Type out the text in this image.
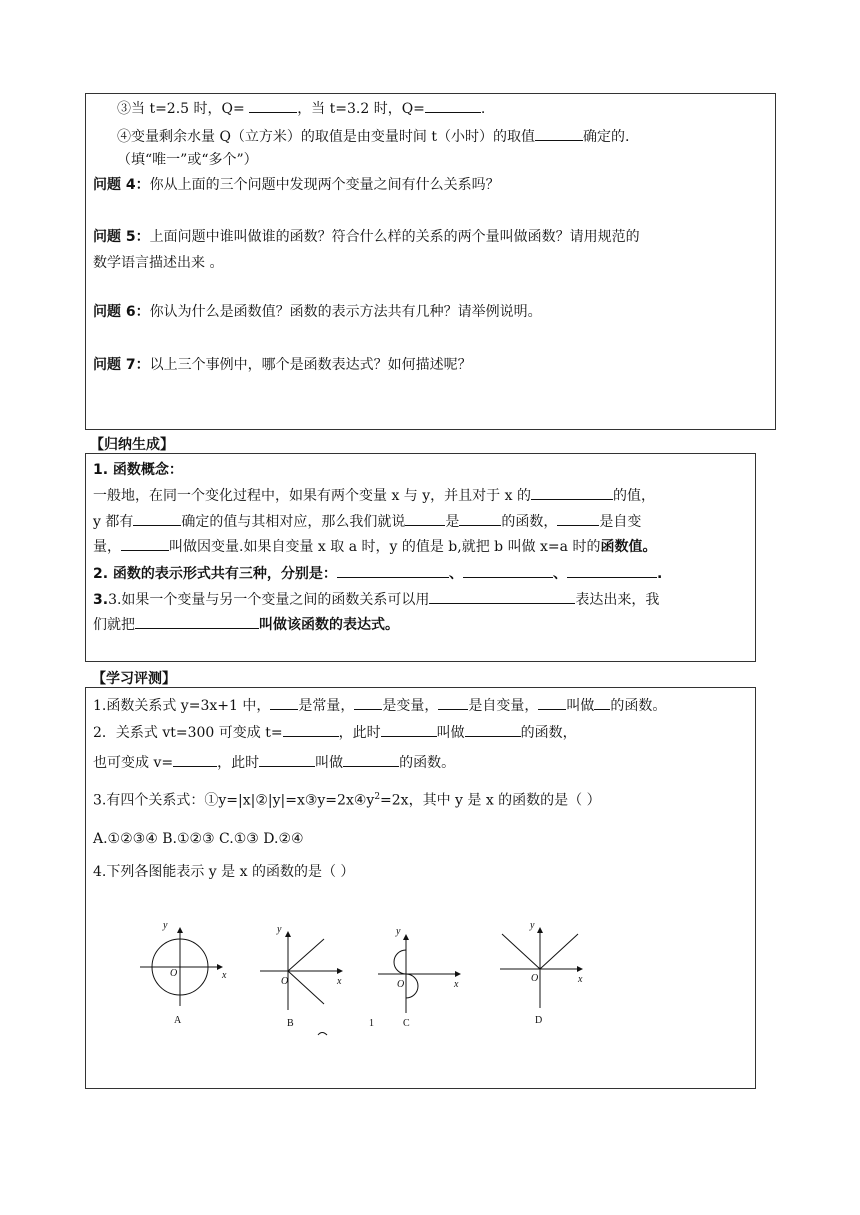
③当 t=2.5 时，Q=	，当 t=3.2 时，Q=	.
④变量剩余水量 Q（立方米）的取值是由变量时间 t（小时）的取值	确定的.
（填“唯一”或“多个”）
问题 4：你从上面的三个问题中发现两个变量之间有什么关系吗？
问题 5：上面问题中谁叫做谁的函数？符合什么样的关系的两个量叫做函数？请用规范的
数学语言描述出来 。
问题 6：你认为什么是函数值？函数的表示方法共有几种？请举例说明。
问题 7：以上三个事例中，哪个是函数表达式？如何描述呢？
【归纳生成】
1. 函数概念：
一般地，在同一个变化过程中，如果有两个变量 x 与 y，并且对于 x 的	的值，
y 都有	确定的值与其相对应，那么我们就说	是	的函数，	是自变
量，	叫做因变量.如果自变量 x 取 a 时，y 的值是 b,就把 b 叫做 x=a 时的函数值。
2. 函数的表示形式共有三种，分别是：	、	、	.
3.3.如果一个变量与另一个变量之间的函数关系可以用	表达出来，我
们就把	叫做该函数的表达式。
【学习评测】
1.函数关系式 y=3x+1 中， 是常量， 是变量， 是自变量， 叫做 的函数。
2．关系式 vt=300 可变成 t=	，此时	叫做	的函数，
也可变成 v=	，此时	叫做	的函数。
3.有四个关系式：$①y=|x|②|y|=x③y=2x④y^2=2x$，其中 y 是 x 的函数的是（ ）
A.①②③④ B.①②③ C.①③ D.②④
4.下列各图能表示 y 是 x 的函数的是（ ）
y
x
O
A
y
x
O
B
y
x
O
C
1
y
x
O
D
